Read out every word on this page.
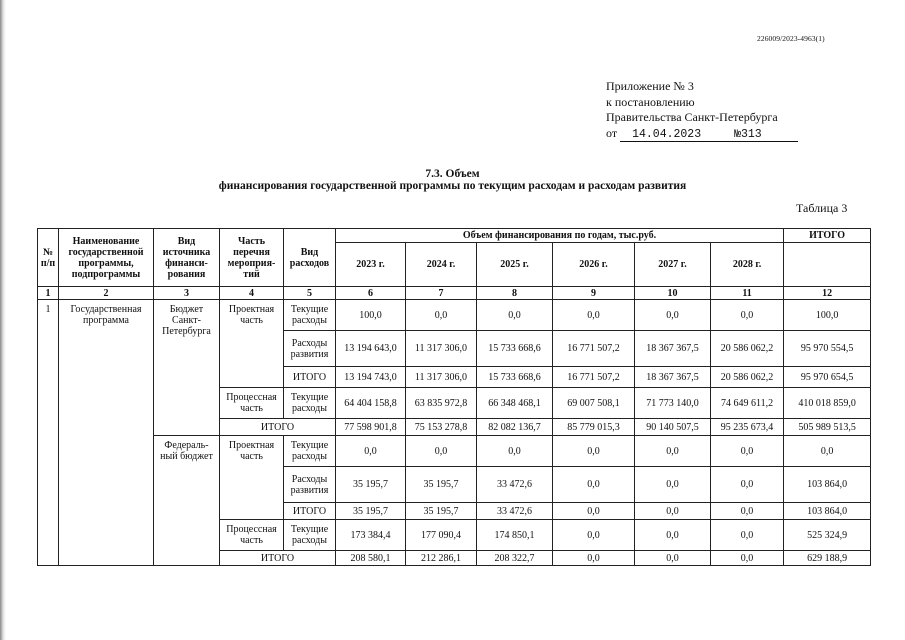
226009/2023-4963(1)
Приложение № 3
к постановлению
Правительства Санкт-Петербурга
от 14.04.2023	№313
7.3. Объем
финансирования государственной программы по текущим расходам и расходам развития
Таблица 3
№ п/п	Наименование государственной программы, подпрограммы	Вид источника финанси-рования	Часть перечня мероприя-тий	Вид расходов	Объем финансирования по годам, тыс.руб.						ИТОГО
					2023 г.	2024 г.	2025 г.	2026 г.	2027 г.	2028 г.	
1	2	3	4	5	6	7	8	9	10	11	12
1	Государственная программа	Бюджет Санкт-Петербурга	Проектная часть	Текущие расходы	100,0	0,0	0,0	0,0	0,0	0,0	100,0
				Расходы развития	13 194 643,0	11 317 306,0	15 733 668,6	16 771 507,2	18 367 367,5	20 586 062,2	95 970 554,5
				ИТОГО	13 194 743,0	11 317 306,0	15 733 668,6	16 771 507,2	18 367 367,5	20 586 062,2	95 970 654,5
			Процессная часть	Текущие расходы	64 404 158,8	63 835 972,8	66 348 468,1	69 007 508,1	71 773 140,0	74 649 611,2	410 018 859,0
			ИТОГО		77 598 901,8	75 153 278,8	82 082 136,7	85 779 015,3	90 140 507,5	95 235 673,4	505 989 513,5
		Федераль-ный бюджет	Проектная часть	Текущие расходы	0,0	0,0	0,0	0,0	0,0	0,0	0,0
				Расходы развития	35 195,7	35 195,7	33 472,6	0,0	0,0	0,0	103 864,0
				ИТОГО	35 195,7	35 195,7	33 472,6	0,0	0,0	0,0	103 864,0
			Процессная часть	Текущие расходы	173 384,4	177 090,4	174 850,1	0,0	0,0	0,0	525 324,9
			ИТОГО		208 580,1	212 286,1	208 322,7	0,0	0,0	0,0	629 188,9
